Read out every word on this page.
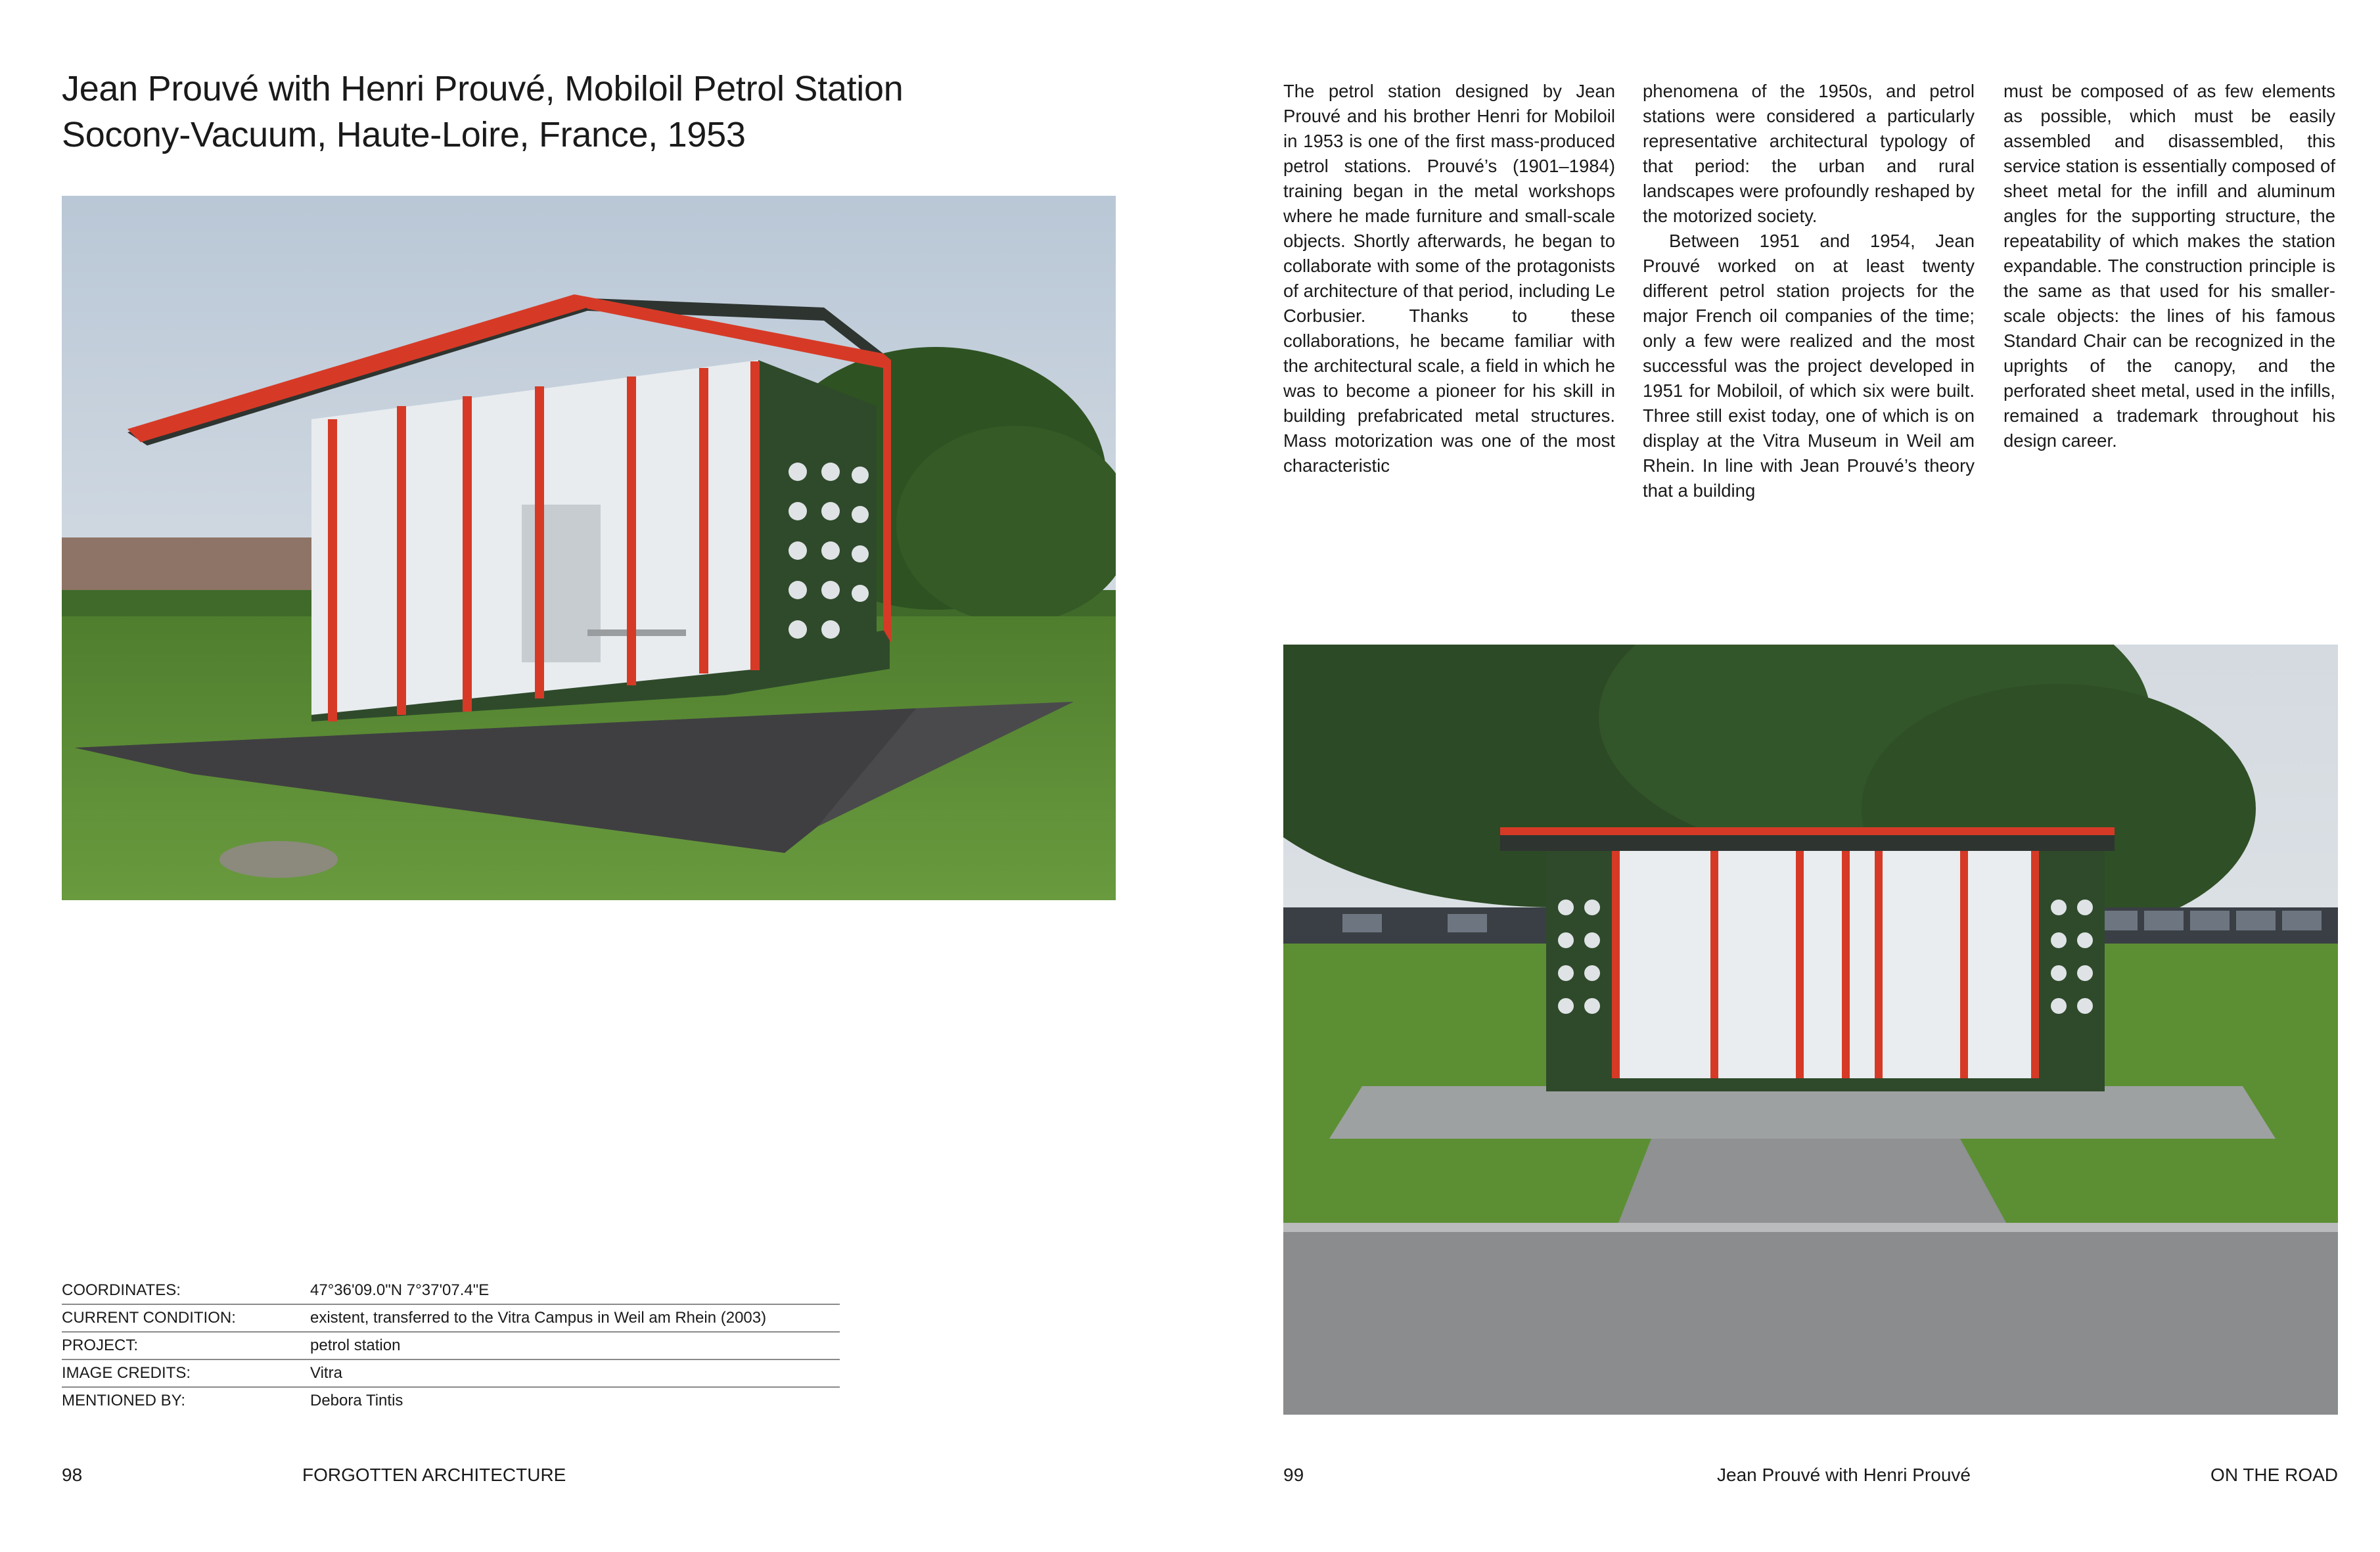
Jean Prouvé with Henri Prouvé, Mobiloil Petrol Station
Socony-Vacuum, Haute-Loire, France, 1953

The petrol station designed by Jean Prouvé and his brother Henri for Mobiloil in 1953 is one of the first mass-produced petrol stations. Prouvé’s (1901–1984) training began in the metal workshops where he made furniture and small-scale objects. Shortly afterwards, he began to collaborate with some of the protagonists of architecture of that period, including Le Corbusier. Thanks to these collaborations, he became familiar with the architectural scale, a field in which he was to become a pioneer for his skill in building prefabricated metal structures. Mass motorization was one of the most characteristic

phenomena of the 1950s, and petrol stations were considered a particularly representative architectural typology of that period: the urban and rural landscapes were profoundly reshaped by the motorized society.

Between 1951 and 1954, Jean Prouvé worked on at least twenty different petrol station projects for the major French oil companies of the time; only a few were realized and the most successful was the project developed in 1951 for Mobiloil, of which six were built. Three still exist today, one of which is on display at the Vitra Museum in Weil am Rhein. In line with Jean Prouvé’s theory that a building

must be composed of as few elements as possible, which must be easily assembled and disassembled, this service station is essentially composed of sheet metal for the infill and aluminum angles for the supporting structure, the repeatability of which makes the station expandable. The construction principle is the same as that used for his smaller-scale objects: the lines of his famous Standard Chair can be recognized in the uprights of the canopy, and the perforated sheet metal, used in the infills, remained a trademark throughout his design career.

COORDINATES:	47°36'09.0"N 7°37'07.4"E
CURRENT CONDITION:	existent, transferred to the Vitra Campus in Weil am Rhein (2003)
PROJECT:	petrol station
IMAGE CREDITS:	Vitra
MENTIONED BY:	Debora Tintis
98	FORGOTTEN ARCHITECTURE	99	Jean Prouvé with Henri Prouvé	ON THE ROAD
